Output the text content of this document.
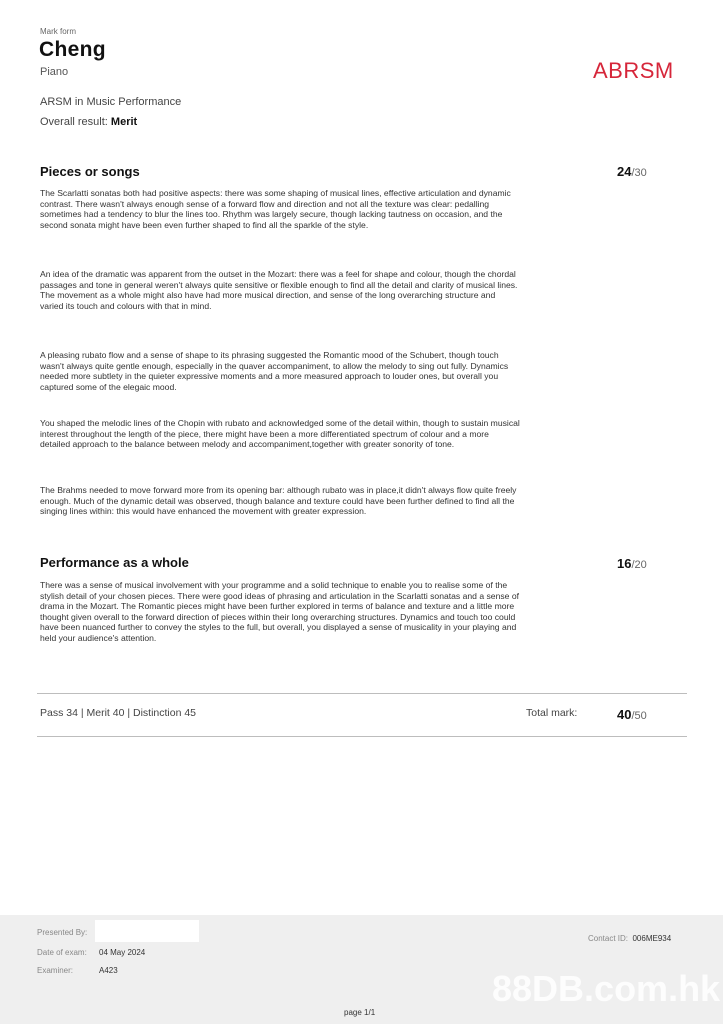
Mark form
Cheng
Piano	ABRSM
ARSM in Music Performance
Overall result: Merit
Pieces or songs	24/30

The Scarlatti sonatas both had positive aspects: there was some shaping of musical lines, effective articulation and dynamic contrast. There wasn't always enough sense of a forward flow and direction and not all the texture was clear: pedalling sometimes had a tendency to blur the lines too. Rhythm was largely secure, though lacking tautness on occasion, and the second sonata might have been even further shaped to find all the sparkle of the style.

An idea of the dramatic was apparent from the outset in the Mozart: there was a feel for shape and colour, though the chordal passages and tone in general weren't always quite sensitive or flexible enough to find all the detail and clarity of musical lines. The movement as a whole might also have had more musical direction, and sense of the long overarching structure and varied its touch and colours with that in mind.

A pleasing rubato flow and a sense of shape to its phrasing suggested the Romantic mood of the Schubert, though touch wasn't always quite gentle enough, especially in the quaver accompaniment, to allow the melody to sing out fully. Dynamics needed more subtlety in the quieter expressive moments and a more measured approach to louder ones, but overall you captured some of the elegaic mood.

You shaped the melodic lines of the Chopin with rubato and acknowledged some of the detail within, though to sustain musical interest throughout the length of the piece, there might have been a more differentiated spectrum of colour and a more detailed approach to the balance between melody and accompaniment,together with greater sonority of tone.

The Brahms needed to move forward more from its opening bar: although rubato was in place,it didn't always flow quite freely enough. Much of the dynamic detail was observed, though balance and texture could have been further defined to find all the singing lines within: this would have enhanced the movement with greater expression.

Performance as a whole	16/20

There was a sense of musical involvement with your programme and a solid technique to enable you to realise some of the stylish detail of your chosen pieces. There were good ideas of phrasing and articulation in the Scarlatti sonatas and a sense of drama in the Mozart. The Romantic pieces might have been further explored in terms of balance and texture and a little more thought given overall to the forward direction of pieces within their long overarching structures. Dynamics and touch too could have been nuanced further to convey the styles to the full, but overall, you displayed a sense of musicality in your playing and held your audience's attention.

Pass 34 | Merit 40 | Distinction 45	Total mark:	40/50
Presented By:
Date of exam: 04 May 2024
Examiner:	A423
Contact ID: 006ME934
88DB.com.hk
page 1/1
